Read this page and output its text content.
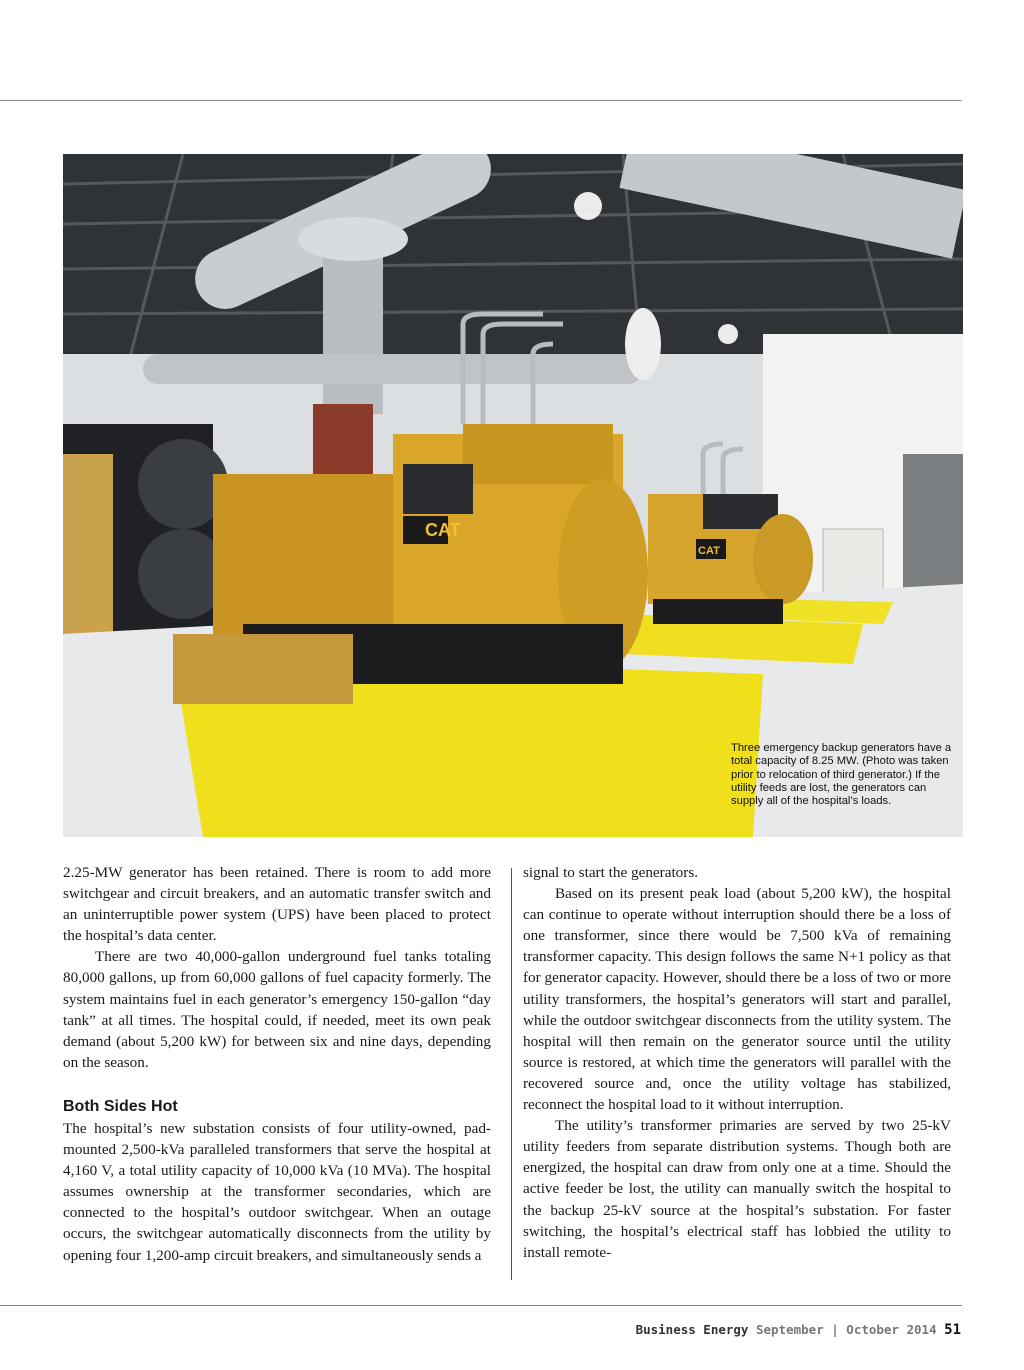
CAT
CAT
Three emergency backup generators have a total capacity of 8.25 MW. (Photo was taken prior to relocation of third generator.) If the utility feeds are lost, the generators can supply all of the hospital’s loads.

2.25-MW generator has been retained. There is room to add more switchgear and circuit breakers, and an automatic transfer switch and an uninterruptible power system (UPS) have been placed to protect the hospital’s data center.

There are two 40,000-gallon underground fuel tanks totaling 80,000 gallons, up from 60,000 gallons of fuel capacity formerly. The system maintains fuel in each generator’s emergency 150-gallon “day tank” at all times. The hospital could, if needed, meet its own peak demand (about 5,200 kW) for between six and nine days, depending on the season.

Both Sides Hot

The hospital’s new substation consists of four utility-owned, pad-mounted 2,500-kVa paralleled transformers that serve the hospital at 4,160 V, a total utility capacity of 10,000 kVa (10 MVa). The hospital assumes ownership at the transformer secondaries, which are connected to the hospital’s outdoor switchgear. When an outage occurs, the switchgear automatically disconnects from the utility by opening four 1,200-amp circuit breakers, and simultaneously sends a

signal to start the generators.

Based on its present peak load (about 5,200 kW), the hospital can continue to operate without interruption should there be a loss of one transformer, since there would be 7,500 kVa of remaining transformer capacity. This design follows the same N+1 policy as that for generator capacity. However, should there be a loss of two or more utility transformers, the hospital’s generators will start and parallel, while the outdoor switchgear disconnects from the utility system. The hospital will then remain on the generator source until the utility source is restored, at which time the generators will parallel with the recovered source and, once the utility voltage has stabilized, reconnect the hospital load to it without interruption.

The utility’s transformer primaries are served by two 25-kV utility feeders from separate distribution systems. Though both are energized, the hospital can draw from only one at a time. Should the active feeder be lost, the utility can manually switch the hospital to the backup 25-kV source at the hospital’s substation. For faster switching, the hospital’s electrical staff has lobbied the utility to install remote-

Business Energy September | October 2014 51
